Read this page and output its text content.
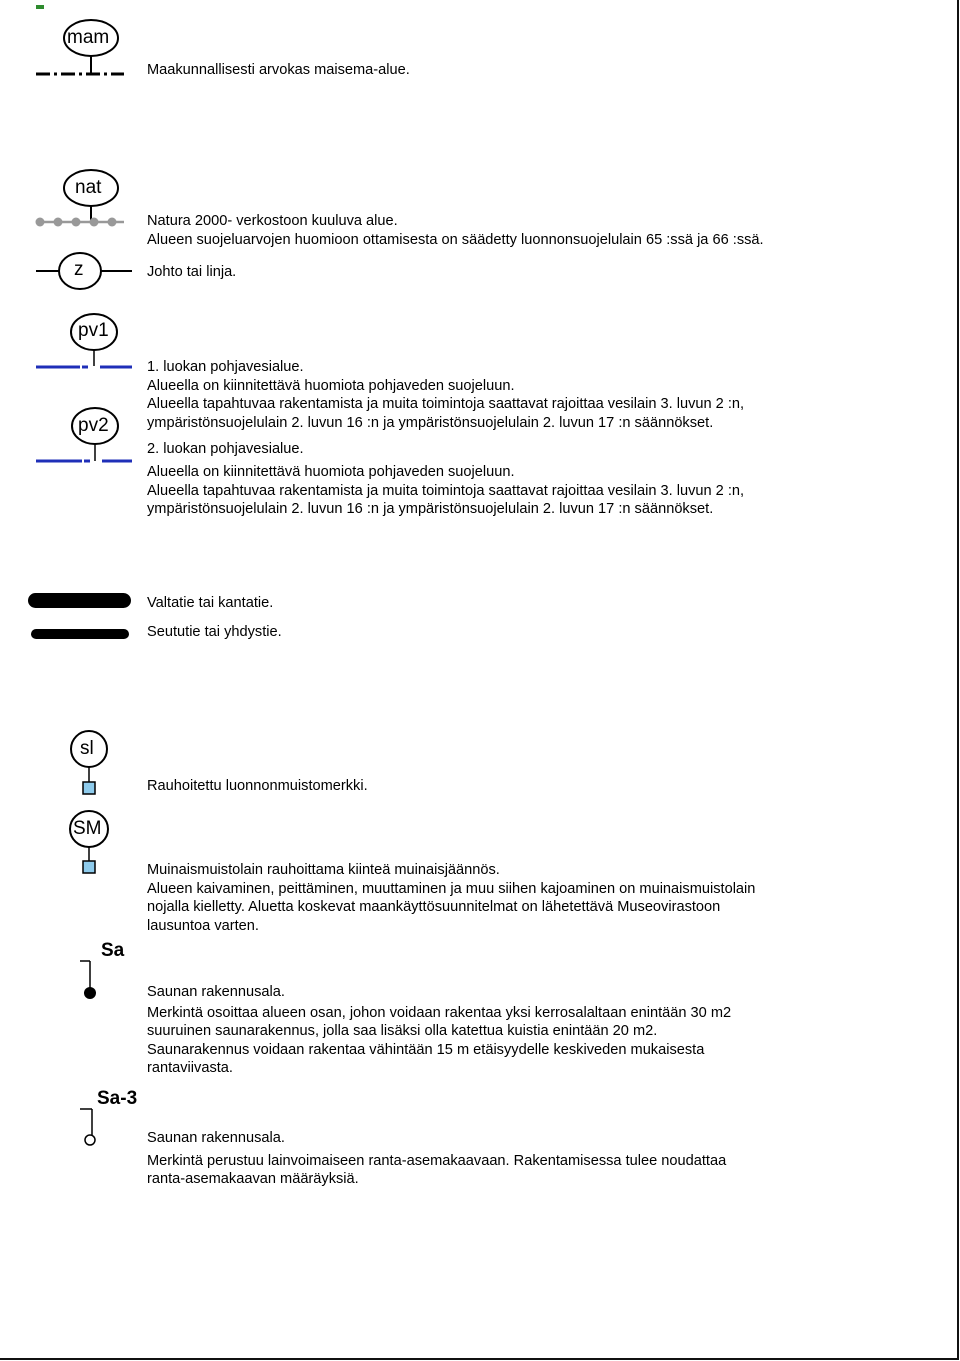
mam
Maakunnallisesti arvokas maisema-alue.
nat
Natura 2000- verkostoon kuuluva alue.
Alueen suojeluarvojen huomioon ottamisesta on säädetty luonnonsuojelulain 65 :ssä ja 66 :ssä.
z	Johto tai linja.
pv1
pv2
1. luokan pohjavesialue.
Alueella on kiinnitettävä huomiota pohjaveden suojeluun.
Alueella tapahtuvaa rakentamista ja muita toimintoja saattavat rajoittaa vesilain 3. luvun 2 :n,
ympäristönsuojelulain 2. luvun 16 :n ja ympäristönsuojelulain 2. luvun 17 :n säännökset.
2. luokan pohjavesialue.
Alueella on kiinnitettävä huomiota pohjaveden suojeluun.
Alueella tapahtuvaa rakentamista ja muita toimintoja saattavat rajoittaa vesilain 3. luvun 2 :n,
ympäristönsuojelulain 2. luvun 16 :n ja ympäristönsuojelulain 2. luvun 17 :n säännökset.
Valtatie tai kantatie.
Seututie tai yhdystie.
sl
Rauhoitettu luonnonmuistomerkki.
SM
Muinaismuistolain rauhoittama kiinteä muinaisjäännös.
Alueen kaivaminen, peittäminen, muuttaminen ja muu siihen kajoaminen on muinaismuistolain
nojalla kielletty. Aluetta koskevat maankäyttösuunnitelmat on lähetettävä Museovirastoon
lausuntoa varten.
Sa
Saunan rakennusala.
Merkintä osoittaa alueen osan, johon voidaan rakentaa yksi kerrosalaltaan enintään 30 m2
suuruinen saunarakennus, jolla saa lisäksi olla katettua kuistia enintään 20 m2.
Saunarakennus voidaan rakentaa vähintään 15 m etäisyydelle keskiveden mukaisesta
rantaviivasta.
Sa-3
Saunan rakennusala.
Merkintä perustuu lainvoimaiseen ranta-asemakaavaan. Rakentamisessa tulee noudattaa
ranta-asemakaavan määräyksiä.
